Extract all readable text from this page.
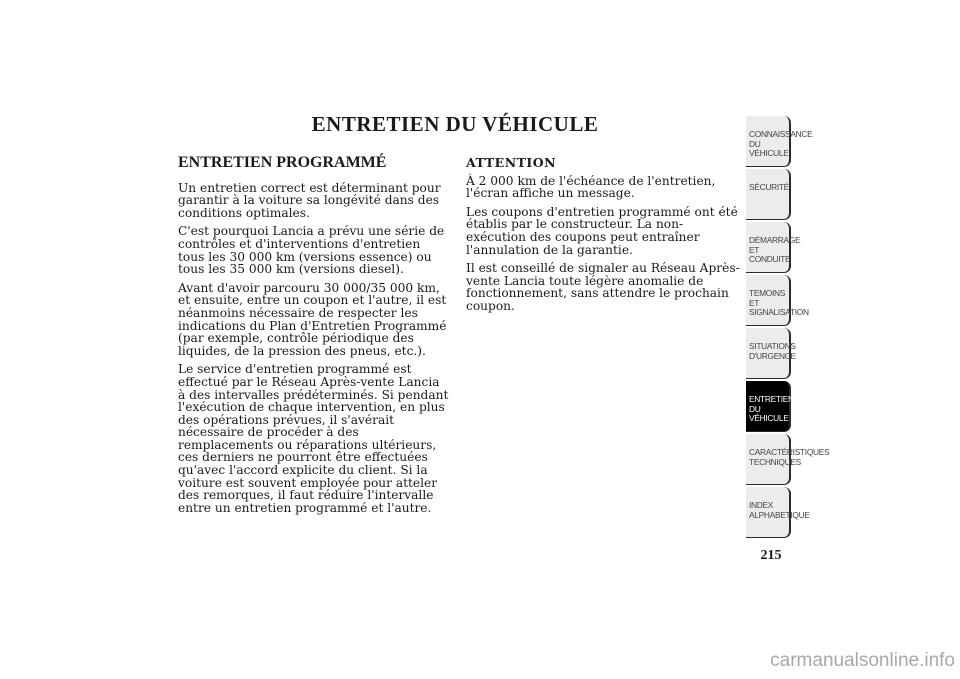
ENTRETIEN DU VÉHICULE
ENTRETIEN PROGRAMMÉ

Un entretien correct est déterminant pour garantir à la voiture sa longévité dans des conditions optimales.

C'est pourquoi Lancia a prévu une série de contrôles et d'interventions d'entretien tous les 30 000 km (versions essence) ou tous les 35 000 km (versions diesel).

Avant d'avoir parcouru 30 000/35 000 km, et ensuite, entre un coupon et l'autre, il est néanmoins nécessaire de respecter les indications du Plan d'Entretien Programmé (par exemple, contrôle périodique des liquides, de la pression des pneus, etc.).

Le service d'entretien programmé est effectué par le Réseau Après-vente Lancia à des intervalles prédéterminés. Si pendant l'exécution de chaque intervention, en plus des opérations prévues, il s'avérait nécessaire de procéder à des remplacements ou réparations ultérieurs, ces derniers ne pourront être effectuées qu'avec l'accord explicite du client. Si la voiture est souvent employée pour atteler des remorques, il faut réduire l'intervalle entre un entretien programmé et l'autre.

ATTENTION

À 2 000 km de l'échéance de l'entretien, l'écran affiche un message.

Les coupons d'entretien programmé ont été établis par le constructeur. La non-exécution des coupons peut entraîner l'annulation de la garantie.

Il est conseillé de signaler au Réseau Après-vente Lancia toute légère anomalie de fonctionnement, sans attendre le prochain coupon.

CONNAISSANCE DU VÉHICULE
SÉCURITÉ
DÉMARRAGE ET CONDUITE
TEMOINS ET SIGNALISATION
SITUATIONS D'URGENCE
ENTRETIEN DU VÉHICULE
CARACTÉRISTIQUES TECHNIQUES
INDEX ALPHABETIQUE
215
carmanualsonline.info
